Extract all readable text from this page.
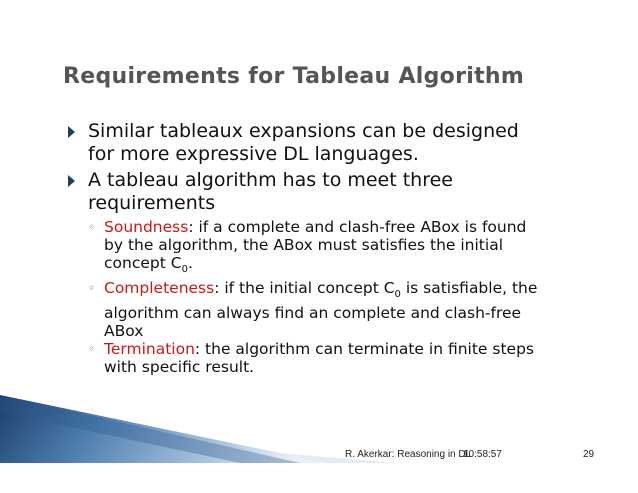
Requirements for Tableau Algorithm
Similar tableaux expansions can be designed for more expressive DL languages.
A tableau algorithm has to meet three requirements
◦ Soundness: if a complete and clash-free ABox is found by the algorithm, the ABox must satisfies the initial concept $C_0$.
◦ Completeness: if the initial concept $C_0$ is satisfiable, the algorithm can always find an complete and clash-free ABox
◦ Termination: the algorithm can terminate in finite steps with specific result.
R. Akerkar: Reasoning in DL
10:58:57	29
